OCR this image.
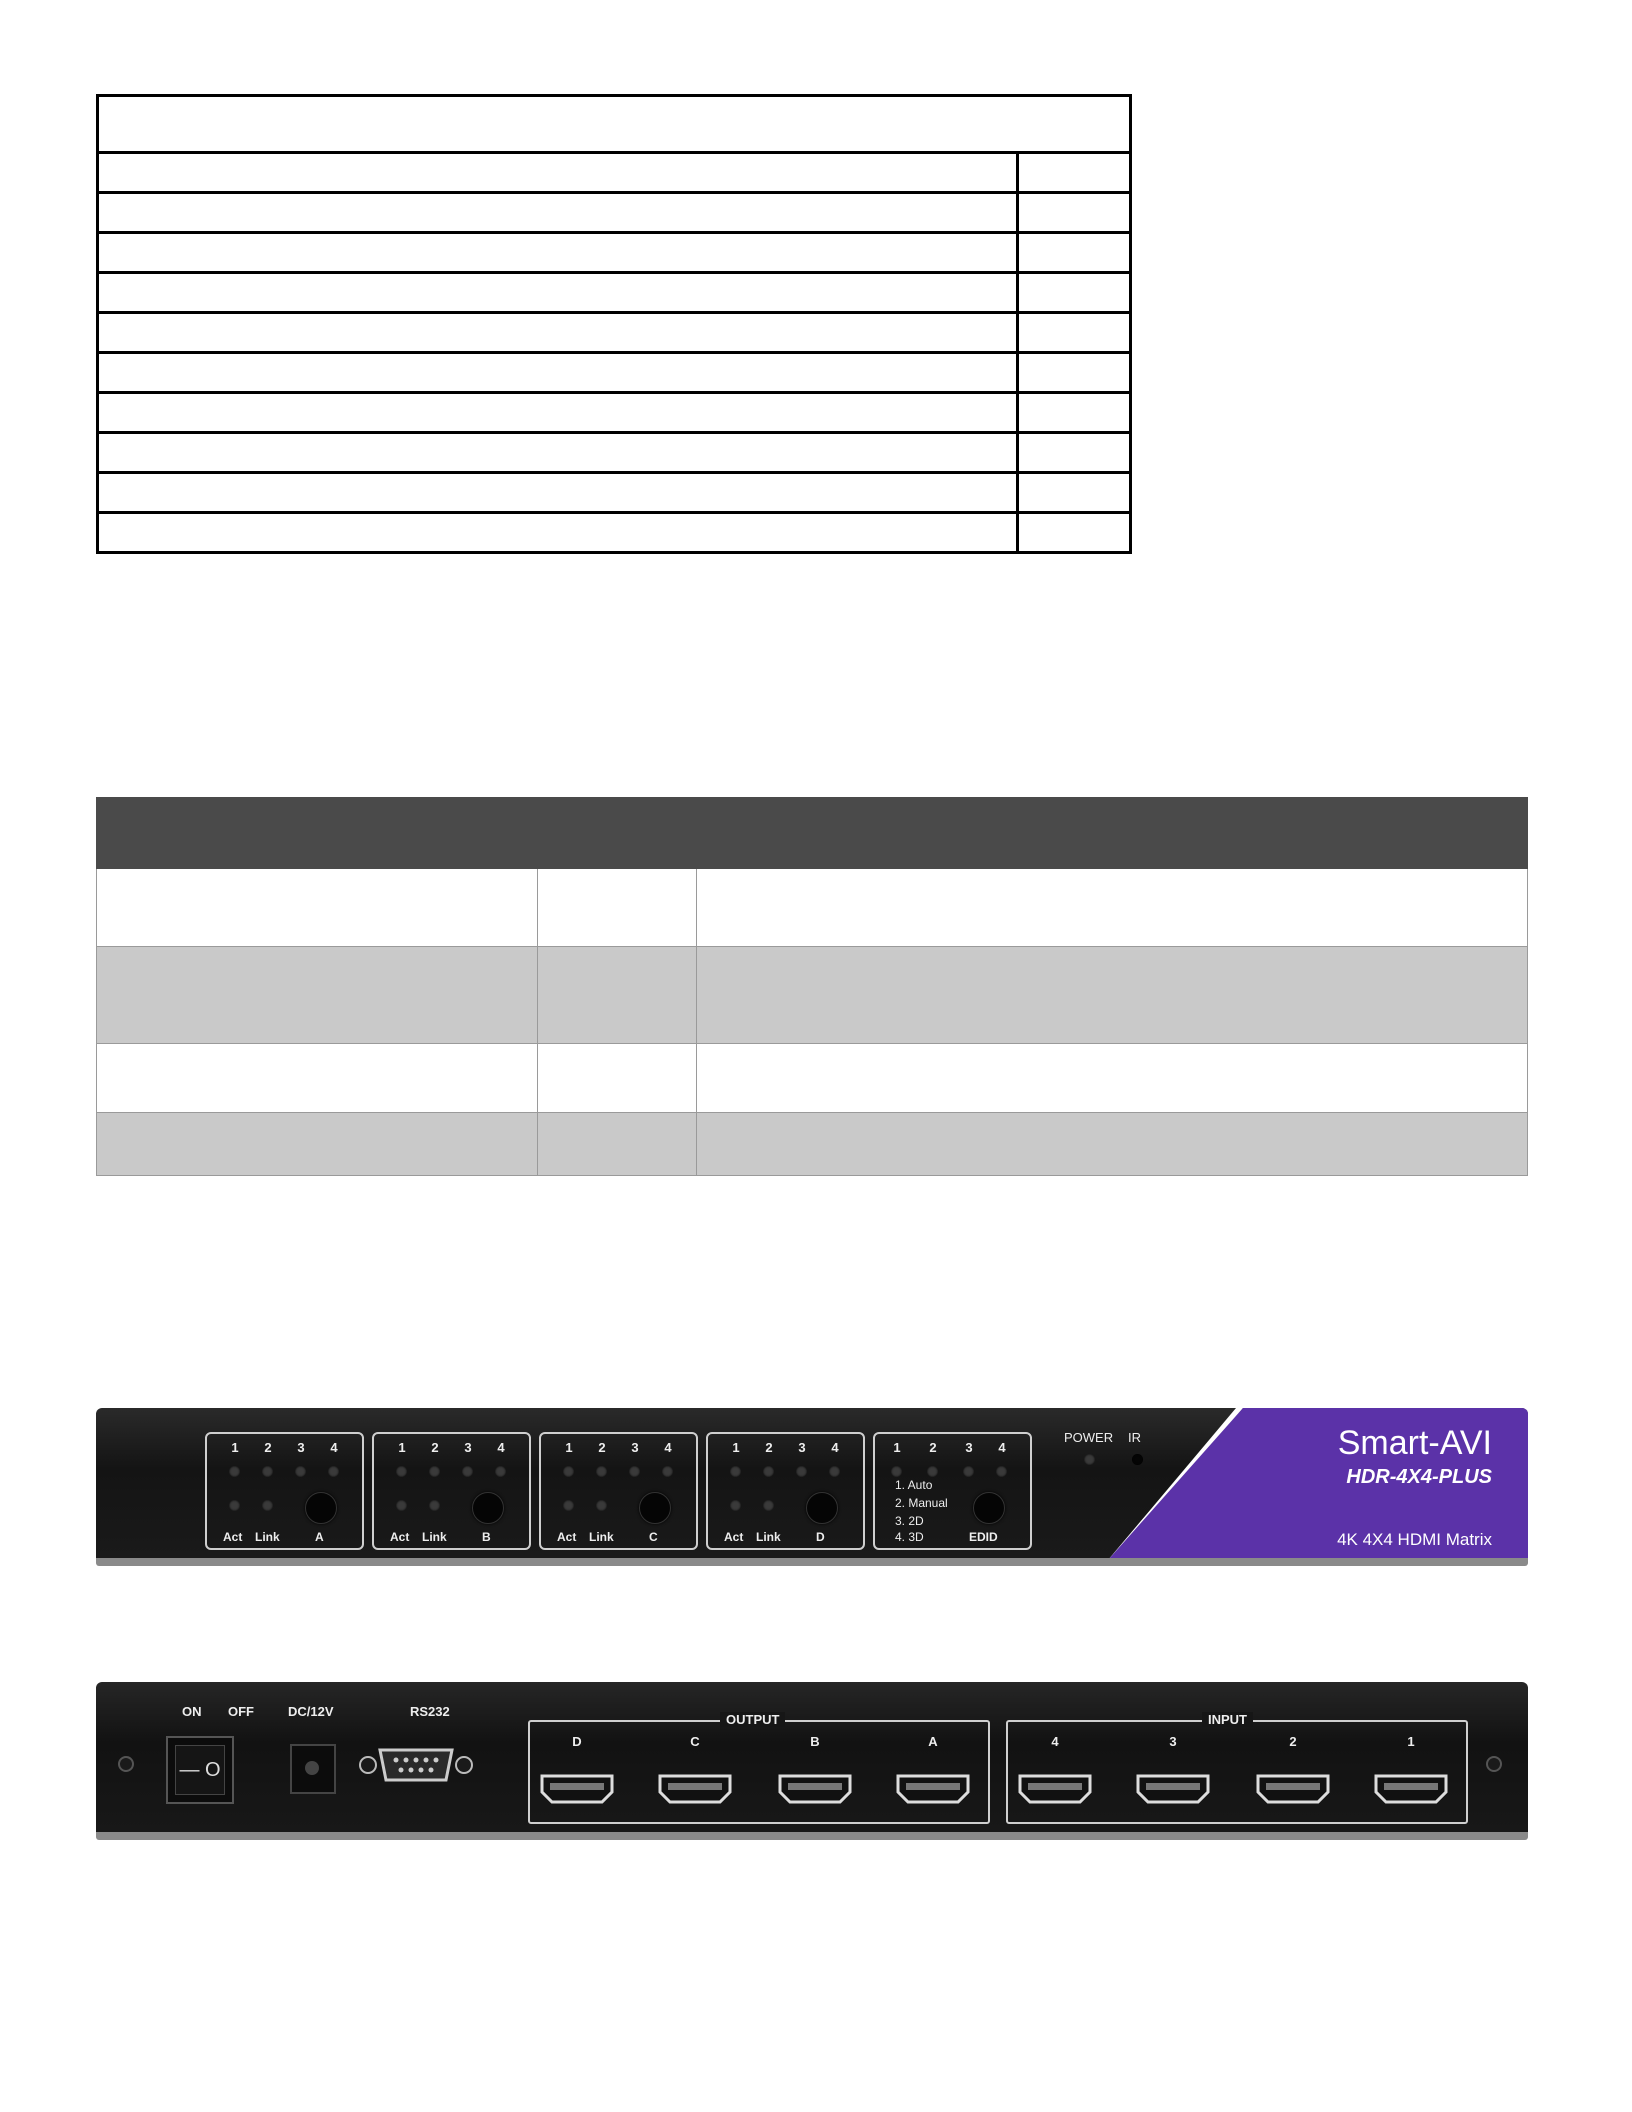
1	2	3	4
Act Link	A
1	2	3	4
Act Link	B
1	2	3	4
Act Link	C
1	2	3	4
Act Link	D
1	2	3	4
1. Auto
2. Manual
3. 2D
4. 3D	EDID
POWER IR	Smart-AVI
HDR-4X4-PLUS
4K 4X4 HDMI Matrix
ON OFF
— O
DC/12V	RS232
OUTPUT
D	C	B	A
INPUT
4	3	2	1
